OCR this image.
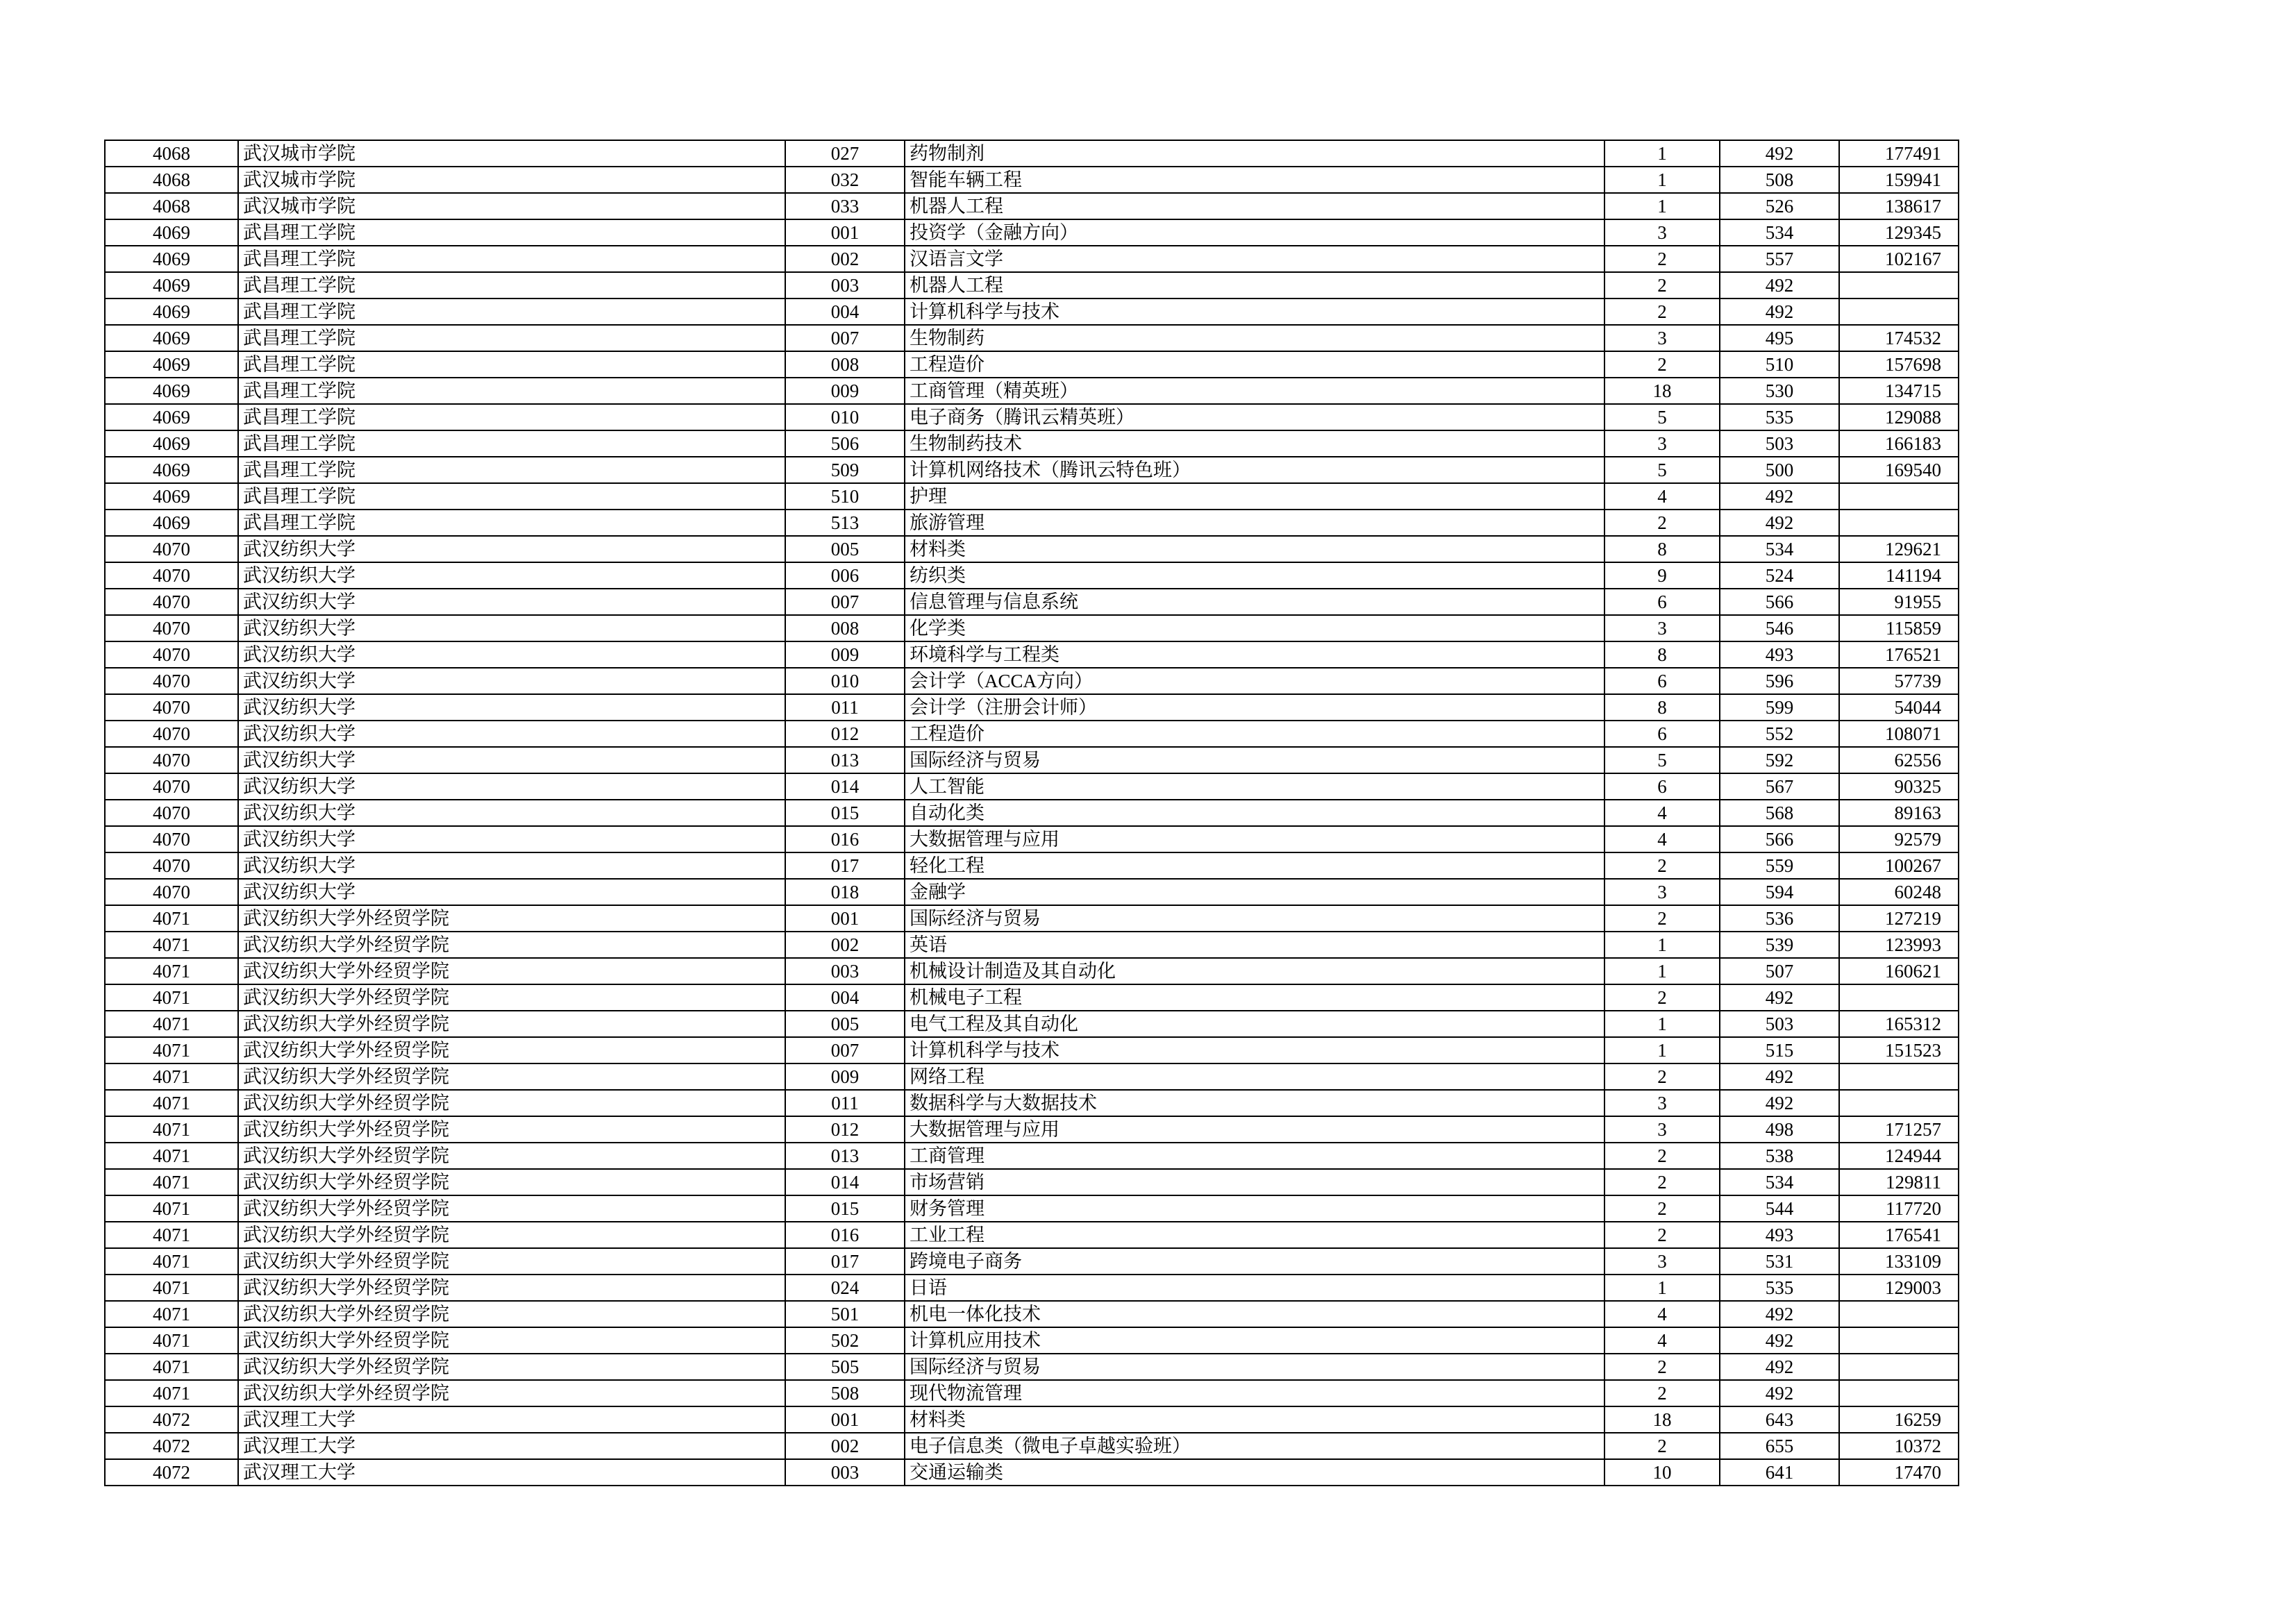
4068	武汉城市学院	027	药物制剂	1	492	177491
4068	武汉城市学院	032	智能车辆工程	1	508	159941
4068	武汉城市学院	033	机器人工程	1	526	138617
4069	武昌理工学院	001	投资学（金融方向）	3	534	129345
4069	武昌理工学院	002	汉语言文学	2	557	102167
4069	武昌理工学院	003	机器人工程	2	492	
4069	武昌理工学院	004	计算机科学与技术	2	492	
4069	武昌理工学院	007	生物制药	3	495	174532
4069	武昌理工学院	008	工程造价	2	510	157698
4069	武昌理工学院	009	工商管理（精英班）	18	530	134715
4069	武昌理工学院	010	电子商务（腾讯云精英班）	5	535	129088
4069	武昌理工学院	506	生物制药技术	3	503	166183
4069	武昌理工学院	509	计算机网络技术（腾讯云特色班）	5	500	169540
4069	武昌理工学院	510	护理	4	492	
4069	武昌理工学院	513	旅游管理	2	492	
4070	武汉纺织大学	005	材料类	8	534	129621
4070	武汉纺织大学	006	纺织类	9	524	141194
4070	武汉纺织大学	007	信息管理与信息系统	6	566	91955
4070	武汉纺织大学	008	化学类	3	546	115859
4070	武汉纺织大学	009	环境科学与工程类	8	493	176521
4070	武汉纺织大学	010	会计学（ACCA方向）	6	596	57739
4070	武汉纺织大学	011	会计学（注册会计师）	8	599	54044
4070	武汉纺织大学	012	工程造价	6	552	108071
4070	武汉纺织大学	013	国际经济与贸易	5	592	62556
4070	武汉纺织大学	014	人工智能	6	567	90325
4070	武汉纺织大学	015	自动化类	4	568	89163
4070	武汉纺织大学	016	大数据管理与应用	4	566	92579
4070	武汉纺织大学	017	轻化工程	2	559	100267
4070	武汉纺织大学	018	金融学	3	594	60248
4071	武汉纺织大学外经贸学院	001	国际经济与贸易	2	536	127219
4071	武汉纺织大学外经贸学院	002	英语	1	539	123993
4071	武汉纺织大学外经贸学院	003	机械设计制造及其自动化	1	507	160621
4071	武汉纺织大学外经贸学院	004	机械电子工程	2	492	
4071	武汉纺织大学外经贸学院	005	电气工程及其自动化	1	503	165312
4071	武汉纺织大学外经贸学院	007	计算机科学与技术	1	515	151523
4071	武汉纺织大学外经贸学院	009	网络工程	2	492	
4071	武汉纺织大学外经贸学院	011	数据科学与大数据技术	3	492	
4071	武汉纺织大学外经贸学院	012	大数据管理与应用	3	498	171257
4071	武汉纺织大学外经贸学院	013	工商管理	2	538	124944
4071	武汉纺织大学外经贸学院	014	市场营销	2	534	129811
4071	武汉纺织大学外经贸学院	015	财务管理	2	544	117720
4071	武汉纺织大学外经贸学院	016	工业工程	2	493	176541
4071	武汉纺织大学外经贸学院	017	跨境电子商务	3	531	133109
4071	武汉纺织大学外经贸学院	024	日语	1	535	129003
4071	武汉纺织大学外经贸学院	501	机电一体化技术	4	492	
4071	武汉纺织大学外经贸学院	502	计算机应用技术	4	492	
4071	武汉纺织大学外经贸学院	505	国际经济与贸易	2	492	
4071	武汉纺织大学外经贸学院	508	现代物流管理	2	492	
4072	武汉理工大学	001	材料类	18	643	16259
4072	武汉理工大学	002	电子信息类（微电子卓越实验班）	2	655	10372
4072	武汉理工大学	003	交通运输类	10	641	17470
